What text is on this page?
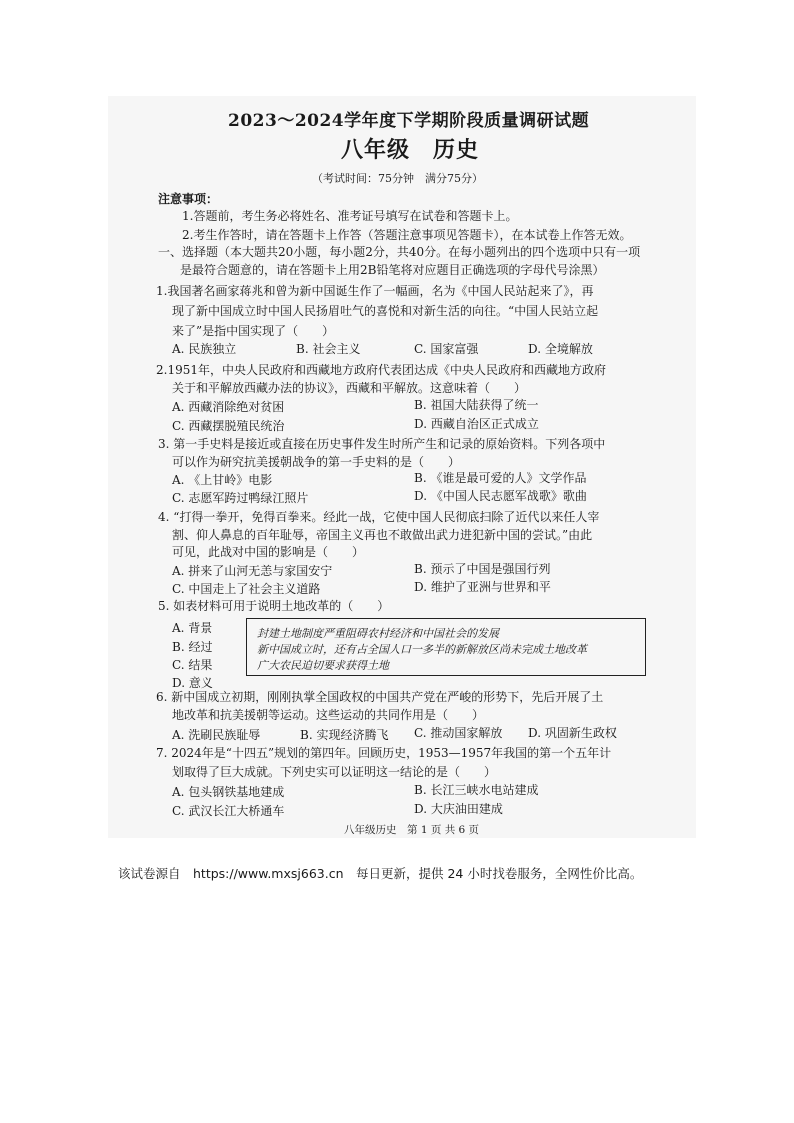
2023～2024学年度下学期阶段质量调研试题
八年级　历史
（考试时间：75分钟　满分75分）
注意事项：
1.答题前，考生务必将姓名、准考证号填写在试卷和答题卡上。
2.考生作答时，请在答题卡上作答（答题注意事项见答题卡），在本试卷上作答无效。
一、选择题（本大题共20小题，每小题2分，共40分。在每小题列出的四个选项中只有一项
是最符合题意的，请在答题卡上用2B铅笔将对应题目正确选项的字母代号涂黑）
1.我国著名画家蒋兆和曾为新中国诞生作了一幅画，名为《中国人民站起来了》，再
现了新中国成立时中国人民扬眉吐气的喜悦和对新生活的向往。“中国人民站立起
来了”是指中国实现了（　　）
A. 民族独立	B. 社会主义	C. 国家富强	D. 全境解放
2.1951年，中央人民政府和西藏地方政府代表团达成《中央人民政府和西藏地方政府
关于和平解放西藏办法的协议》，西藏和平解放。这意味着（　　）
A. 西藏消除绝对贫困	B. 祖国大陆获得了统一
C. 西藏摆脱殖民统治	D. 西藏自治区正式成立
3. 第一手史料是接近或直接在历史事件发生时所产生和记录的原始资料。下列各项中
可以作为研究抗美援朝战争的第一手史料的是（　　）
A. 《上甘岭》电影	B. 《谁是最可爱的人》文学作品
C. 志愿军跨过鸭绿江照片	D. 《中国人民志愿军战歌》歌曲
4. “打得一拳开，免得百拳来。经此一战，它使中国人民彻底扫除了近代以来任人宰
割、仰人鼻息的百年耻辱，帝国主义再也不敢做出武力进犯新中国的尝试。”由此
可见，此战对中国的影响是（　　）
A. 拼来了山河无恙与家国安宁	B. 预示了中国是强国行列
C. 中国走上了社会主义道路	D. 维护了亚洲与世界和平
5. 如表材料可用于说明土地改革的（　　）
A. 背景
B. 经过
C. 结果
D. 意义
封建土地制度严重阻碍农村经济和中国社会的发展
新中国成立时，还有占全国人口一多半的新解放区尚未完成土地改革
广大农民迫切要求获得土地
6. 新中国成立初期，刚刚执掌全国政权的中国共产党在严峻的形势下，先后开展了土
地改革和抗美援朝等运动。这些运动的共同作用是（　　）
A. 洗刷民族耻辱	B. 实现经济腾飞 C. 推动国家解放 D. 巩固新生政权
7. 2024年是“十四五”规划的第四年。回顾历史，1953—1957年我国的第一个五年计
划取得了巨大成就。下列史实可以证明这一结论的是（　　）
A. 包头钢铁基地建成	B. 长江三峡水电站建成
C. 武汉长江大桥通车	D. 大庆油田建成
八年级历史　第 1 页 共 6 页
该试卷源自　https://www.mxsj663.cn　每日更新，提供 24 小时找卷服务，全网性价比高。
